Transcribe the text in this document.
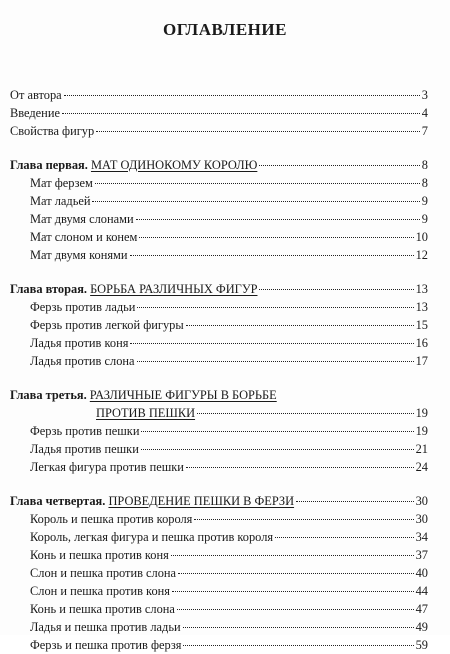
ОГЛАВЛЕНИЕ
От автора	3
Введение	4
Свойства фигур	7
Глава первая. МАТ ОДИНОКОМУ КОРОЛЮ	8
Мат ферзем	8
Мат ладьей	9
Мат двумя слонами	9
Мат слоном и конем	10
Мат двумя конями	12
Глава вторая. БОРЬБА РАЗЛИЧНЫХ ФИГУР	13
Ферзь против ладьи	13
Ферзь против легкой фигуры	15
Ладья против коня	16
Ладья против слона	17
Глава третья. РАЗЛИЧНЫЕ ФИГУРЫ В БОРЬБЕ
ПРОТИВ ПЕШКИ	19
Ферзь против пешки	19
Ладья против пешки	21
Легкая фигура против пешки	24
Глава четвертая. ПРОВЕДЕНИЕ ПЕШКИ В ФЕРЗИ	30
Король и пешка против короля	30
Король, легкая фигура и пешка против короля	34
Конь и пешка против коня	37
Слон и пешка против слона	40
Слон и пешка против коня	44
Конь и пешка против слона	47
Ладья и пешка против ладьи	49
Ферзь и пешка против ферзя	59
